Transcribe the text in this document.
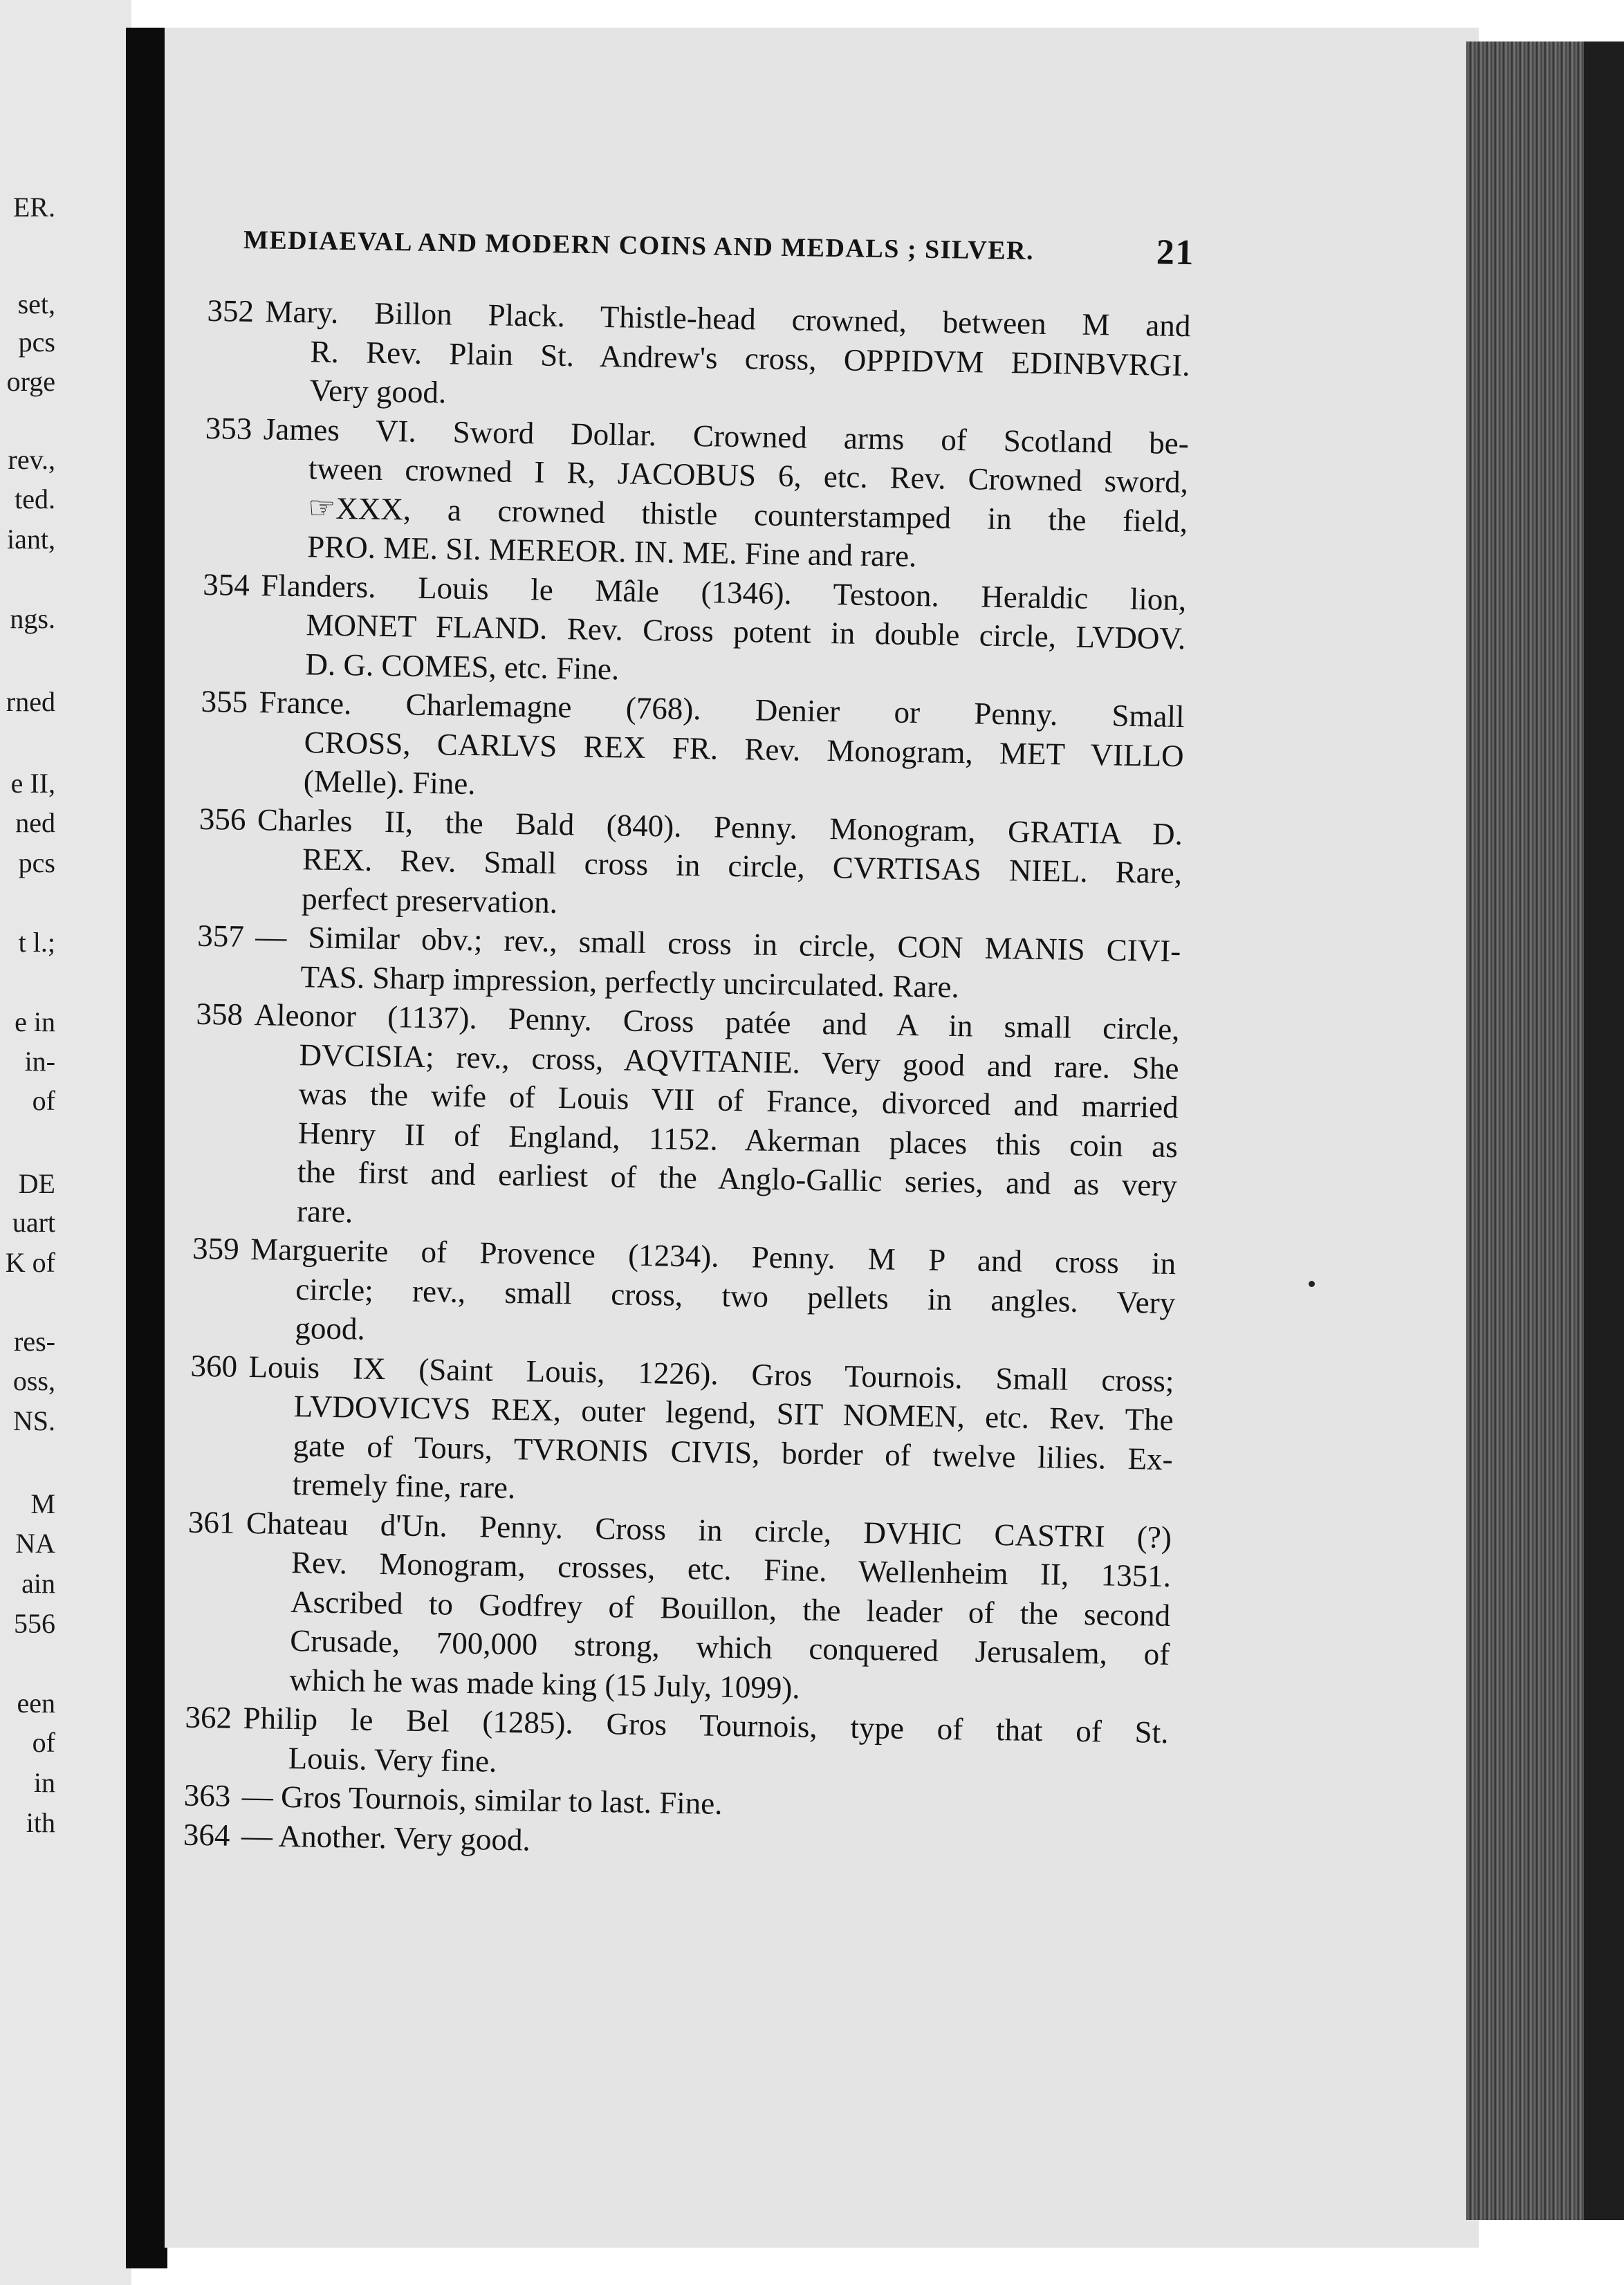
ER.
set,
pcs
orge
rev.,
ted.
iant,
ngs.
rned
e II,
ned
pcs
t l.;
e in
in-
of
DE
uart
K of
res-
oss,
NS.
M
NA
ain
556
een
of
in
ith
MEDIAEVAL AND MODERN COINS AND MEDALS ; SILVER.	21
352 Mary. Billon Plack. Thistle-head crowned, between M and
R. Rev. Plain St. Andrew's cross, OPPIDVM EDINBVRGI.
Very good.
353 James VI. Sword Dollar. Crowned arms of Scotland be-
tween crowned I R, JACOBUS 6, etc. Rev. Crowned sword,
☞XXX, a crowned thistle counterstamped in the field,
PRO. ME. SI. MEREOR. IN. ME. Fine and rare.
354 Flanders. Louis le Mâle (1346). Testoon. Heraldic lion,
MONET FLAND. Rev. Cross potent in double circle, LVDOV.
D. G. COMES, etc. Fine.
355 France. Charlemagne (768). Denier or Penny. Small
CROSS, CARLVS REX FR. Rev. Monogram, MET VILLO
(Melle). Fine.
356 Charles II, the Bald (840). Penny. Monogram, GRATIA D.
REX. Rev. Small cross in circle, CVRTISAS NIEL. Rare,
perfect preservation.
357 — Similar obv.; rev., small cross in circle, CON MANIS CIVI-
TAS. Sharp impression, perfectly uncirculated. Rare.
358 Aleonor (1137). Penny. Cross patée and A in small circle,
DVCISIA; rev., cross, AQVITANIE. Very good and rare. She
was the wife of Louis VII of France, divorced and married
Henry II of England, 1152. Akerman places this coin as
the first and earliest of the Anglo-Gallic series, and as very
rare.
359 Marguerite of Provence (1234). Penny. M P and cross in
circle; rev., small cross, two pellets in angles. Very
good.
360 Louis IX (Saint Louis, 1226). Gros Tournois. Small cross;
LVDOVICVS REX, outer legend, SIT NOMEN, etc. Rev. The
gate of Tours, TVRONIS CIVIS, border of twelve lilies. Ex-
tremely fine, rare.
361 Chateau d'Un. Penny. Cross in circle, DVHIC CASTRI (?)
Rev. Monogram, crosses, etc. Fine. Wellenheim II, 1351.
Ascribed to Godfrey of Bouillon, the leader of the second
Crusade, 700,000 strong, which conquered Jerusalem, of
which he was made king (15 July, 1099).
362 Philip le Bel (1285). Gros Tournois, type of that of St.
Louis. Very fine.
363 — Gros Tournois, similar to last. Fine.
364 — Another. Very good.
